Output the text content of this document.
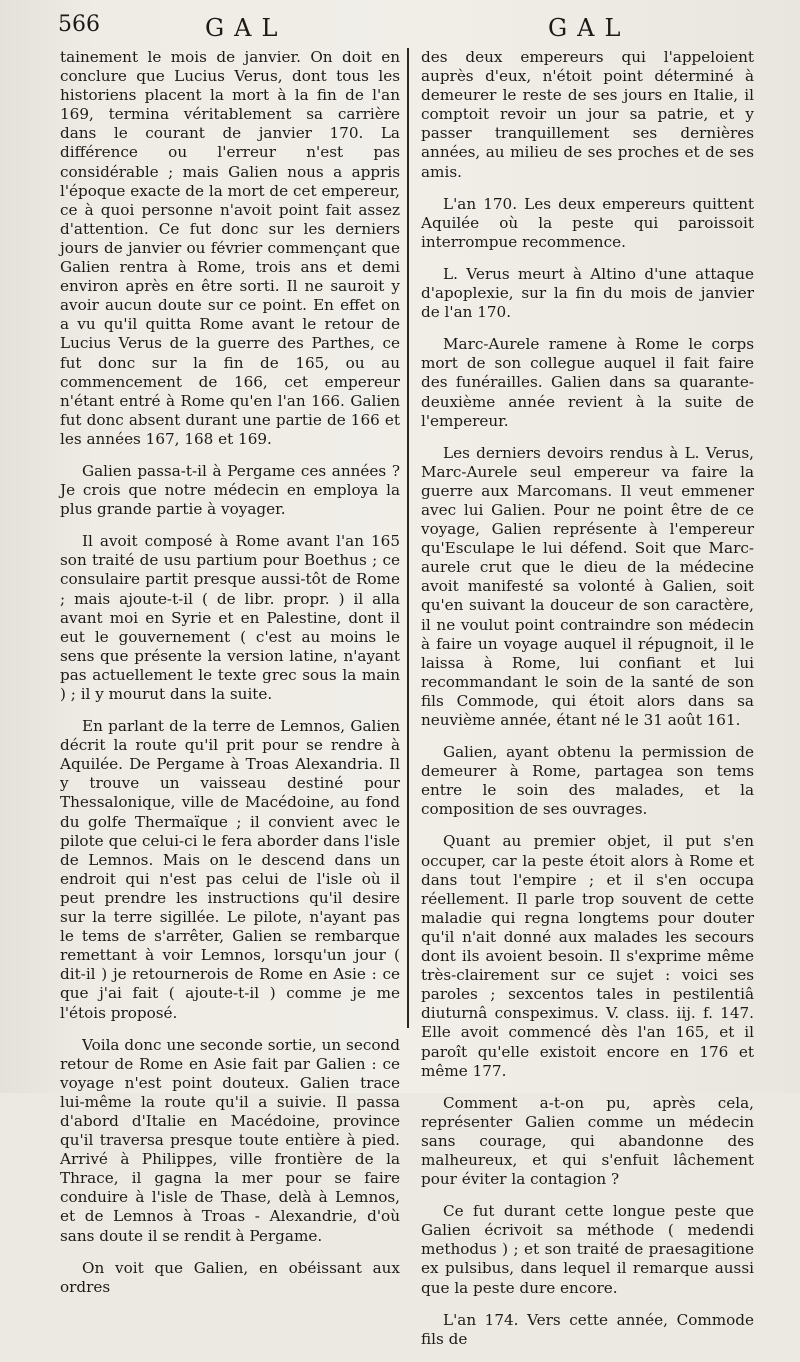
566	GAL	GAL

tainement le mois de janvier. On doit en conclure que Lucius Verus, dont tous les historiens placent la mort à la fin de l'an 169, termina véritablement sa carrière dans le courant de janvier 170. La différence ou l'erreur n'est pas considérable ; mais Galien nous a appris l'époque exacte de la mort de cet empereur, ce à quoi personne n'avoit point fait assez d'attention. Ce fut donc sur les derniers jours de janvier ou février commençant que Galien rentra à Rome, trois ans et demi environ après en être sorti. Il ne sauroit y avoir aucun doute sur ce point. En effet on a vu qu'il quitta Rome avant le retour de Lucius Verus de la guerre des Parthes, ce fut donc sur la fin de 165, ou au commencement de 166, cet empereur n'étant entré à Rome qu'en l'an 166. Galien fut donc absent durant une partie de 166 et les années 167, 168 et 169.

Galien passa-t-il à Pergame ces années ? Je crois que notre médecin en employa la plus grande partie à voyager.

Il avoit composé à Rome avant l'an 165 son traité de usu partium pour Boethus ; ce consulaire partit presque aussi-tôt de Rome ; mais ajoute-t-il ( de libr. propr. ) il alla avant moi en Syrie et en Palestine, dont il eut le gouvernement ( c'est au moins le sens que présente la version latine, n'ayant pas actuellement le texte grec sous la main ) ; il y mourut dans la suite.

En parlant de la terre de Lemnos, Galien décrit la route qu'il prit pour se rendre à Aquilée. De Pergame à Troas Alexandria. Il y trouve un vaisseau destiné pour Thessalonique, ville de Macédoine, au fond du golfe Thermaïque ; il convient avec le pilote que celui-ci le fera aborder dans l'isle de Lemnos. Mais on le descend dans un endroit qui n'est pas celui de l'isle où il peut prendre les instructions qu'il desire sur la terre sigillée. Le pilote, n'ayant pas le tems de s'arrêter, Galien se rembarque remettant à voir Lemnos, lorsqu'un jour ( dit-il ) je retournerois de Rome en Asie : ce que j'ai fait ( ajoute-t-il ) comme je me l'étois proposé.

Voila donc une seconde sortie, un second retour de Rome en Asie fait par Galien : ce voyage n'est point douteux. Galien trace lui-même la route qu'il a suivie. Il passa d'abord d'Italie en Macédoine, province qu'il traversa presque toute entière à pied. Arrivé à Philippes, ville frontière de la Thrace, il gagna la mer pour se faire conduire à l'isle de Thase, delà à Lemnos, et de Lemnos à Troas - Alexandrie, d'où sans doute il se rendit à Pergame.

On voit que Galien, en obéissant aux ordres

des deux empereurs qui l'appeloient auprès d'eux, n'étoit point déterminé à demeurer le reste de ses jours en Italie, il comptoit revoir un jour sa patrie, et y passer tranquillement ses dernières années, au milieu de ses proches et de ses amis.

L'an 170. Les deux empereurs quittent Aquilée où la peste qui paroissoit interrompue recommence.

L. Verus meurt à Altino d'une attaque d'apoplexie, sur la fin du mois de janvier de l'an 170.

Marc-Aurele ramene à Rome le corps mort de son collegue auquel il fait faire des funérailles. Galien dans sa quarante-deuxième année revient à la suite de l'empereur.

Les derniers devoirs rendus à L. Verus, Marc-Aurele seul empereur va faire la guerre aux Marcomans. Il veut emmener avec lui Galien. Pour ne point être de ce voyage, Galien représente à l'empereur qu'Esculape le lui défend. Soit que Marc-aurele crut que le dieu de la médecine avoit manifesté sa volonté à Galien, soit qu'en suivant la douceur de son caractère, il ne voulut point contraindre son médecin à faire un voyage auquel il répugnoit, il le laissa à Rome, lui confiant et lui recommandant le soin de la santé de son fils Commode, qui étoit alors dans sa neuvième année, étant né le 31 août 161.

Galien, ayant obtenu la permission de demeurer à Rome, partagea son tems entre le soin des malades, et la composition de ses ouvrages.

Quant au premier objet, il put s'en occuper, car la peste étoit alors à Rome et dans tout l'empire ; et il s'en occupa réellement. Il parle trop souvent de cette maladie qui regna longtems pour douter qu'il n'ait donné aux malades les secours dont ils avoient besoin. Il s'exprime même très-clairement sur ce sujet : voici ses paroles ; sexcentos tales in pestilentiâ diuturnâ conspeximus. V. class. iij. f. 147. Elle avoit commencé dès l'an 165, et il paroît qu'elle existoit encore en 176 et même 177.

Comment a-t-on pu, après cela, représenter Galien comme un médecin sans courage, qui abandonne des malheureux, et qui s'enfuit lâchement pour éviter la contagion ?

Ce fut durant cette longue peste que Galien écrivoit sa méthode ( medendi methodus ) ; et son traité de praesagitione ex pulsibus, dans lequel il remarque aussi que la peste dure encore.

L'an 174. Vers cette année, Commode fils de
